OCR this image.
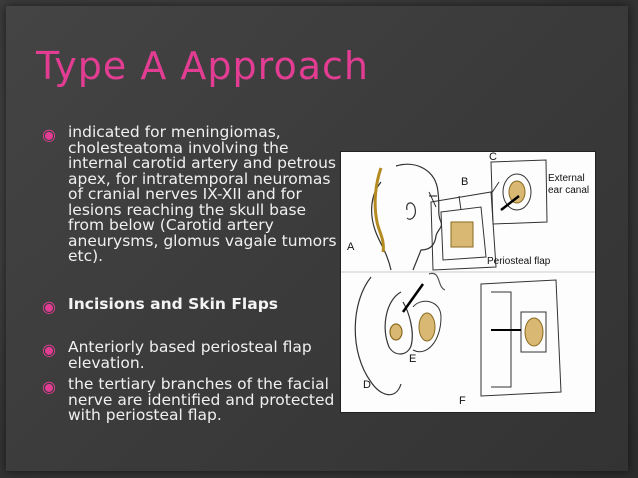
Type A Approach
◉ indicated for meningiomas, cholesteatoma involving the internal carotid artery and petrous apex, for intratemporal neuromas of cranial nerves IX-XII and for lesions reaching the skull base from below (Carotid artery aneurysms, glomus vagale tumors etc).
◉ Incisions and Skin Flaps
◉ Anteriorly based periosteal flap elevation.
◉ the tertiary branches of the facial nerve are identified and protected with periosteal flap.
A
B
C
External
ear canal
Periosteal flap
D
E
F
